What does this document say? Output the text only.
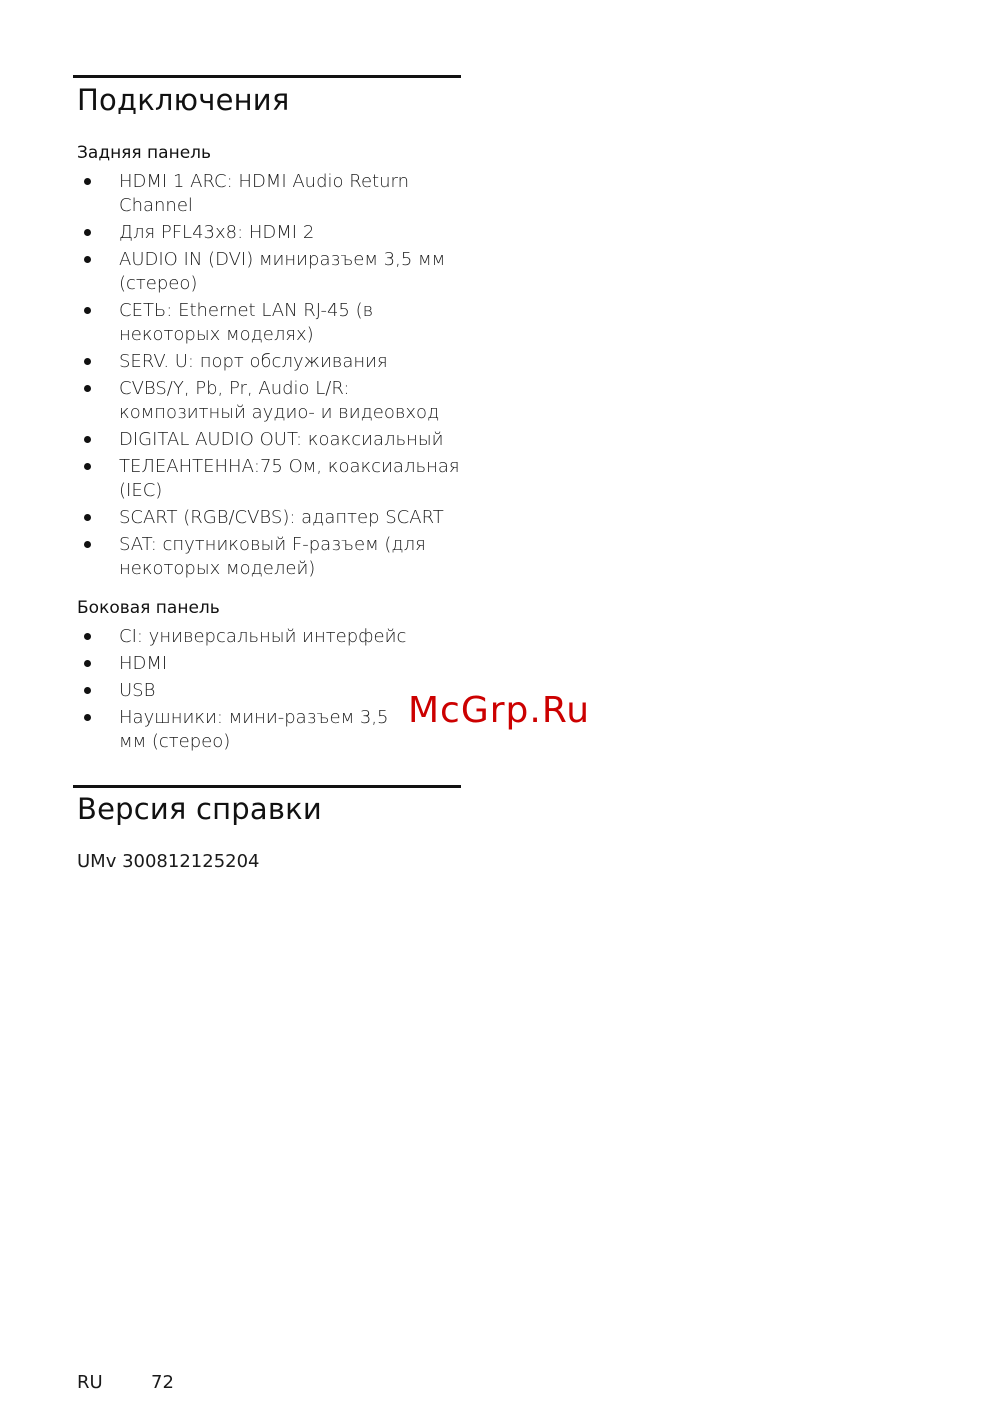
Подключения
Задняя панель
HDMI 1 ARC: HDMI Audio Return Channel
Для PFL43x8: HDMI 2
AUDIO IN (DVI) миниразъем 3,5 мм (стерео)
СЕТЬ: Ethernet LAN RJ-45 (в некоторых моделях)
SERV. U: порт обслуживания
CVBS/Y, Pb, Pr, Audio L/R: композитный аудио- и видеовход
DIGITAL AUDIO OUT: коаксиальный
ТЕЛЕАНТЕННА:75 Ом, коаксиальная (IEC)
SCART (RGB/CVBS): адаптер SCART
SAT: спутниковый F-разъем (для некоторых моделей)
Боковая панель
CI: универсальный интерфейс
HDMI
USB
Наушники: мини-разъем 3,5 мм (стерео)
Версия справки

UMv 300812125204

McGrp.Ru
RU	72
